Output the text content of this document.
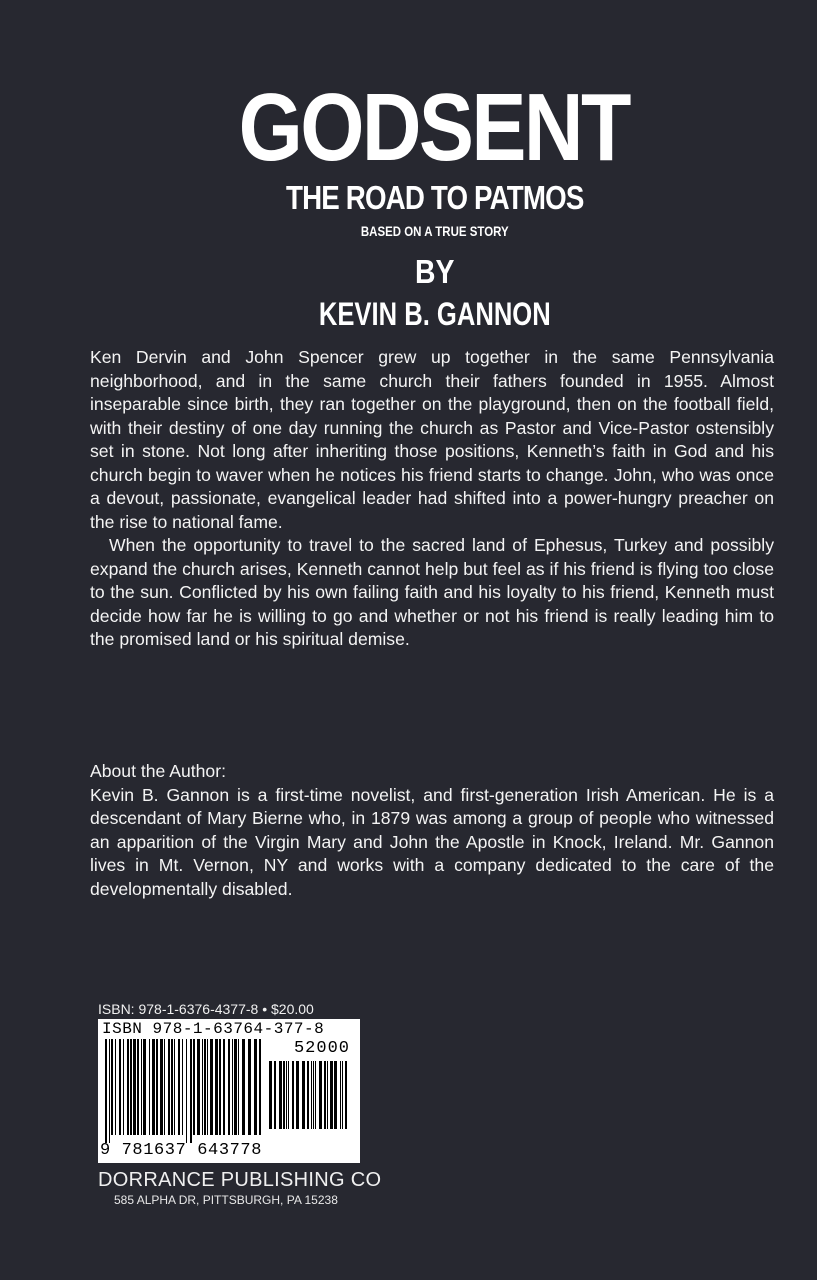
GODSENT
THE ROAD TO PATMOS
BASED ON A TRUE STORY
BY
KEVIN B. GANNON

Ken Dervin and John Spencer grew up together in the same Pennsylvania neighborhood, and in the same church their fathers founded in 1955. Almost inseparable since birth, they ran together on the playground, then on the football field, with their destiny of one day running the church as Pastor and Vice-Pastor ostensibly set in stone. Not long after inheriting those positions, Kenneth’s faith in God and his church begin to waver when he notices his friend starts to change. John, who was once a devout, passionate, evangelical leader had shifted into a power-hungry preacher on the rise to national fame.

When the opportunity to travel to the sacred land of Ephesus, Turkey and possibly expand the church arises, Kenneth cannot help but feel as if his friend is flying too close to the sun. Conflicted by his own failing faith and his loyalty to his friend, Kenneth must decide how far he is willing to go and whether or not his friend is really leading him to the promised land or his spiritual demise.

About the Author:

Kevin B. Gannon is a first-time novelist, and first-generation Irish American. He is a descendant of Mary Bierne who, in 1879 was among a group of people who witnessed an apparition of the Virgin Mary and John the Apostle in Knock, Ireland. Mr. Gannon lives in Mt. Vernon, NY and works with a company dedicated to the care of the developmentally disabled.

ISBN: 978-1-6376-4377-8 • $20.00
ISBN 978-1-63764-377-8
52000
9 781637 643778
DORRANCE PUBLISHING CO
585 ALPHA DR, PITTSBURGH, PA 15238
